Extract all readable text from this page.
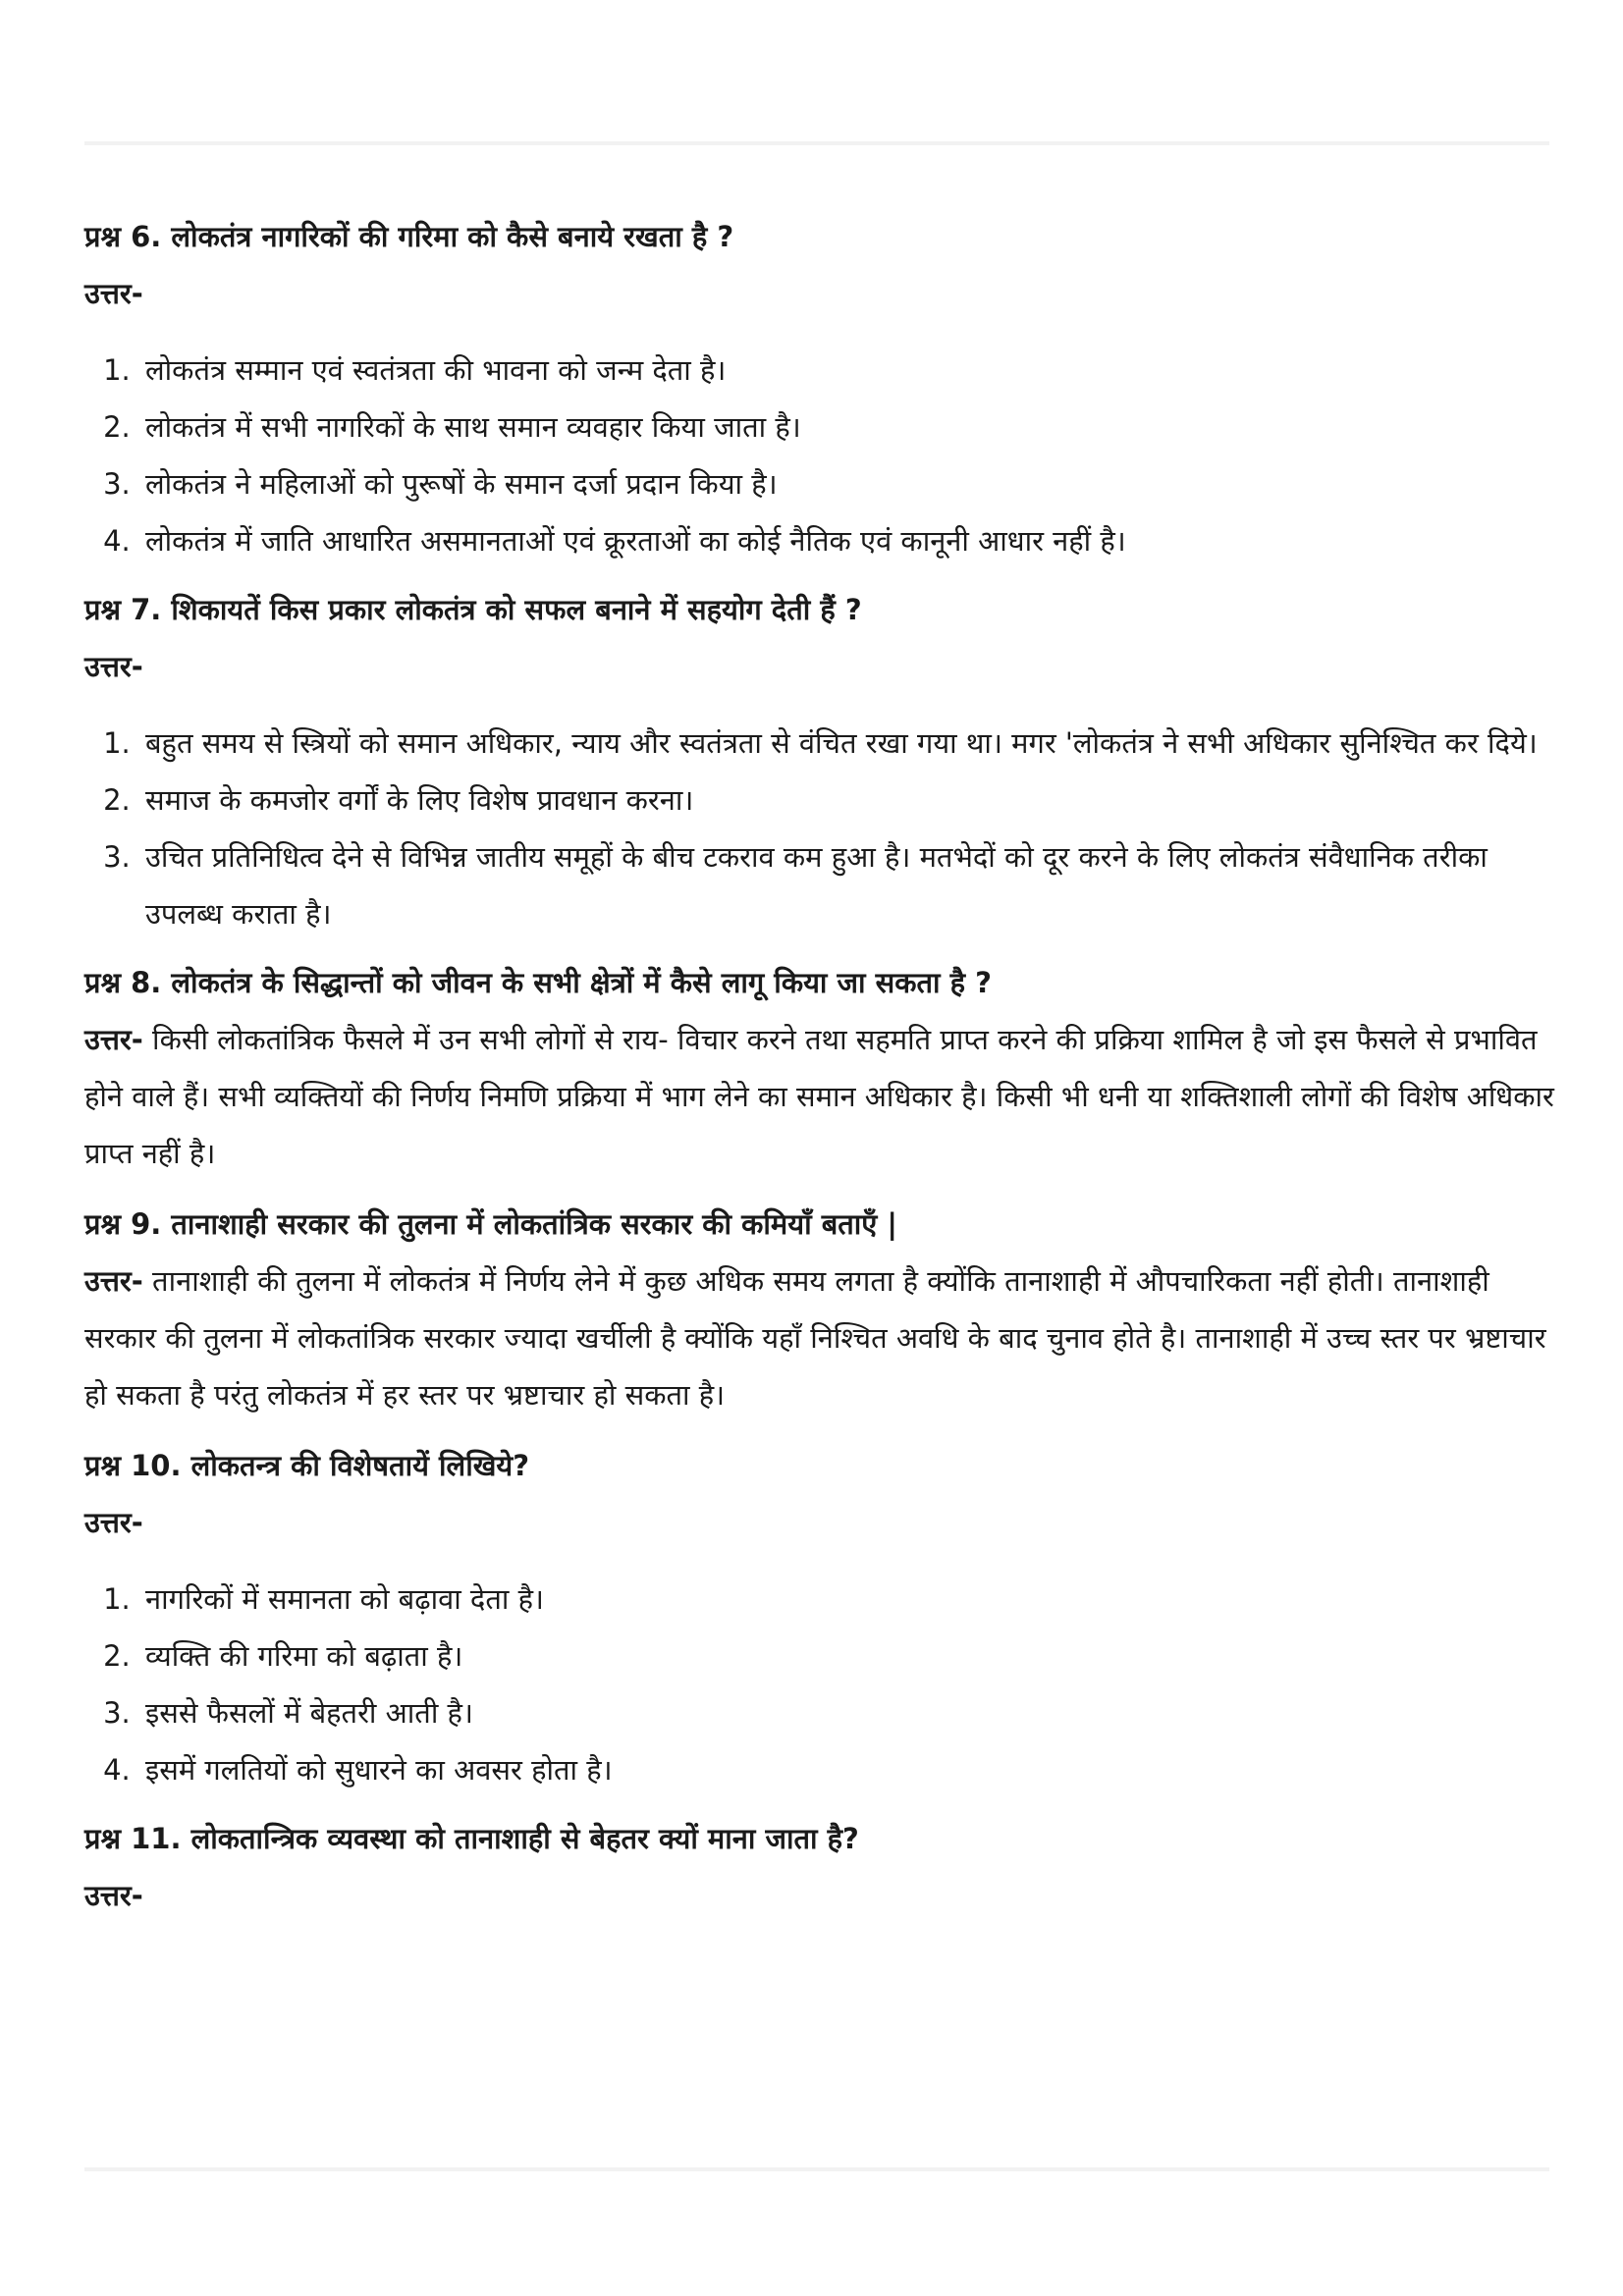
प्रश्न 6. लोकतंत्र नागरिकों की गरिमा को कैसे बनाये रखता है ?

उत्तर-

1. लोकतंत्र सम्मान एवं स्वतंत्रता की भावना को जन्म देता है।
2. लोकतंत्र में सभी नागरिकों के साथ समान व्यवहार किया जाता है।
3. लोकतंत्र ने महिलाओं को पुरूषों के समान दर्जा प्रदान किया है।
4. लोकतंत्र में जाति आधारित असमानताओं एवं क्रूरताओं का कोई नैतिक एवं कानूनी आधार नहीं है।

प्रश्न 7. शिकायतें किस प्रकार लोकतंत्र को सफल बनाने में सहयोग देती हैं ?

उत्तर-

1. बहुत समय से स्त्रियों को समान अधिकार, न्याय और स्वतंत्रता से वंचित रखा गया था। मगर 'लोकतंत्र ने सभी अधिकार सुनिश्चित कर दिये।
2. समाज के कमजोर वर्गों के लिए विशेष प्रावधान करना।
3. उचित प्रतिनिधित्व देने से विभिन्न जातीय समूहों के बीच टकराव कम हुआ है। मतभेदों को दूर करने के लिए लोकतंत्र संवैधानिक तरीका उपलब्ध कराता है।

प्रश्न 8. लोकतंत्र के सिद्धान्तों को जीवन के सभी क्षेत्रों में कैसे लागू किया जा सकता है ?

उत्तर- किसी लोकतांत्रिक फैसले में उन सभी लोगों से राय- विचार करने तथा सहमति प्राप्त करने की प्रक्रिया शामिल है जो इस फैसले से प्रभावित होने वाले हैं। सभी व्यक्तियों की निर्णय निमणि प्रक्रिया में भाग लेने का समान अधिकार है। किसी भी धनी या शक्तिशाली लोगों की विशेष अधिकार प्राप्त नहीं है।

प्रश्न 9. तानाशाही सरकार की तुलना में लोकतांत्रिक सरकार की कमियाँ बताएँ |

उत्तर- तानाशाही की तुलना में लोकतंत्र में निर्णय लेने में कुछ अधिक समय लगता है क्योंकि तानाशाही में औपचारिकता नहीं होती। तानाशाही सरकार की तुलना में लोकतांत्रिक सरकार ज्यादा खर्चीली है क्योंकि यहाँ निश्चित अवधि के बाद चुनाव होते है। तानाशाही में उच्च स्तर पर भ्रष्टाचार हो सकता है परंतु लोकतंत्र में हर स्तर पर भ्रष्टाचार हो सकता है।

प्रश्न 10. लोकतन्त्र की विशेषतायें लिखिये?

उत्तर-

1. नागरिकों में समानता को बढ़ावा देता है।
2. व्यक्ति की गरिमा को बढ़ाता है।
3. इससे फैसलों में बेहतरी आती है।
4. इसमें गलतियों को सुधारने का अवसर होता है।

प्रश्न 11. लोकतान्त्रिक व्यवस्था को तानाशाही से बेहतर क्यों माना जाता है?

उत्तर-
